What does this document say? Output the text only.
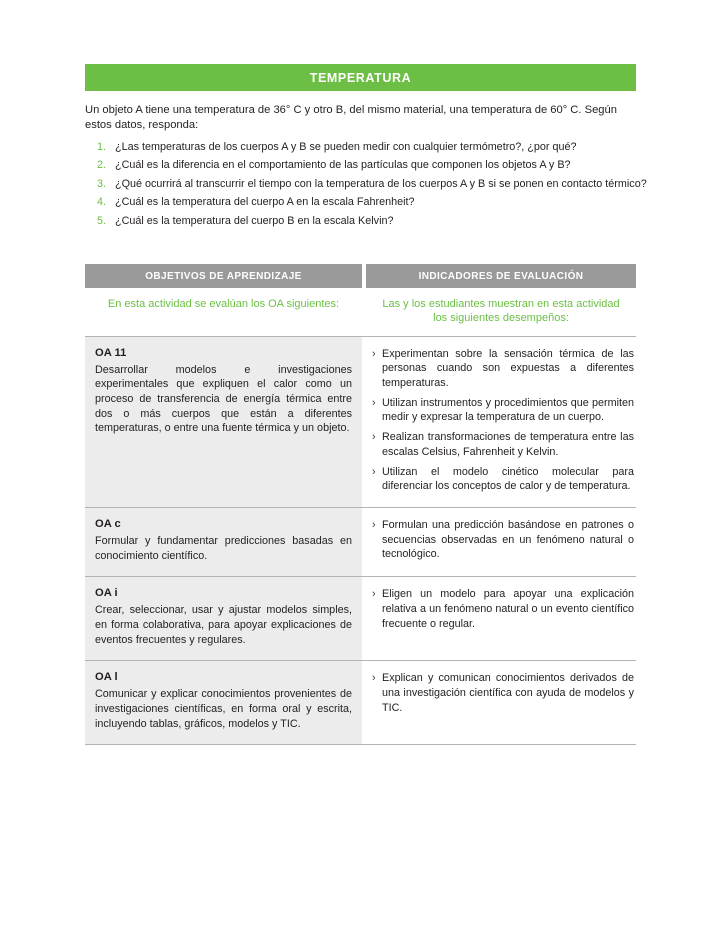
TEMPERATURA

Un objeto A tiene una temperatura de 36° C y otro B, del mismo material, una temperatura de 60° C. Según estos datos, responda:

1. ¿Las temperaturas de los cuerpos A y B se pueden medir con cualquier termómetro?, ¿por qué?
2. ¿Cuál es la diferencia en el comportamiento de las partículas que componen los objetos A y B?
3. ¿Qué ocurrirá al transcurrir el tiempo con la temperatura de los cuerpos A y B si se ponen en contacto térmico?
4. ¿Cuál es la temperatura del cuerpo A en la escala Fahrenheit?
5. ¿Cuál es la temperatura del cuerpo B en la escala Kelvin?
OBJETIVOS DE APRENDIZAJE	INDICADORES DE EVALUACIÓN
En esta actividad se evalúan los OA siguientes:	Las y los estudiantes muestran en esta actividad los siguientes desempeños:
OA 11
Desarrollar modelos e investigaciones experimentales que expliquen el calor como un proceso de transferencia de energía térmica entre dos o más cuerpos que están a diferentes temperaturas, o entre una fuente térmica y un objeto.
› Experimentan sobre la sensación térmica de las personas cuando son expuestas a diferentes temperaturas.
› Utilizan instrumentos y procedimientos que permiten medir y expresar la temperatura de un cuerpo.
› Realizan transformaciones de temperatura entre las escalas Celsius, Fahrenheit y Kelvin.
› Utilizan el modelo cinético molecular para diferenciar los conceptos de calor y de temperatura.
OA c
Formular y fundamentar predicciones basadas en conocimiento científico.
› Formulan una predicción basándose en patrones o secuencias observadas en un fenómeno natural o tecnológico.
OA i
Crear, seleccionar, usar y ajustar modelos simples, en forma colaborativa, para apoyar explicaciones de eventos frecuentes y regulares.
› Eligen un modelo para apoyar una explicación relativa a un fenómeno natural o un evento científico frecuente o regular.
OA l
Comunicar y explicar conocimientos provenientes de investigaciones científicas, en forma oral y escrita, incluyendo tablas, gráficos, modelos y TIC.
› Explican y comunican conocimientos derivados de una investigación científica con ayuda de modelos y TIC.
